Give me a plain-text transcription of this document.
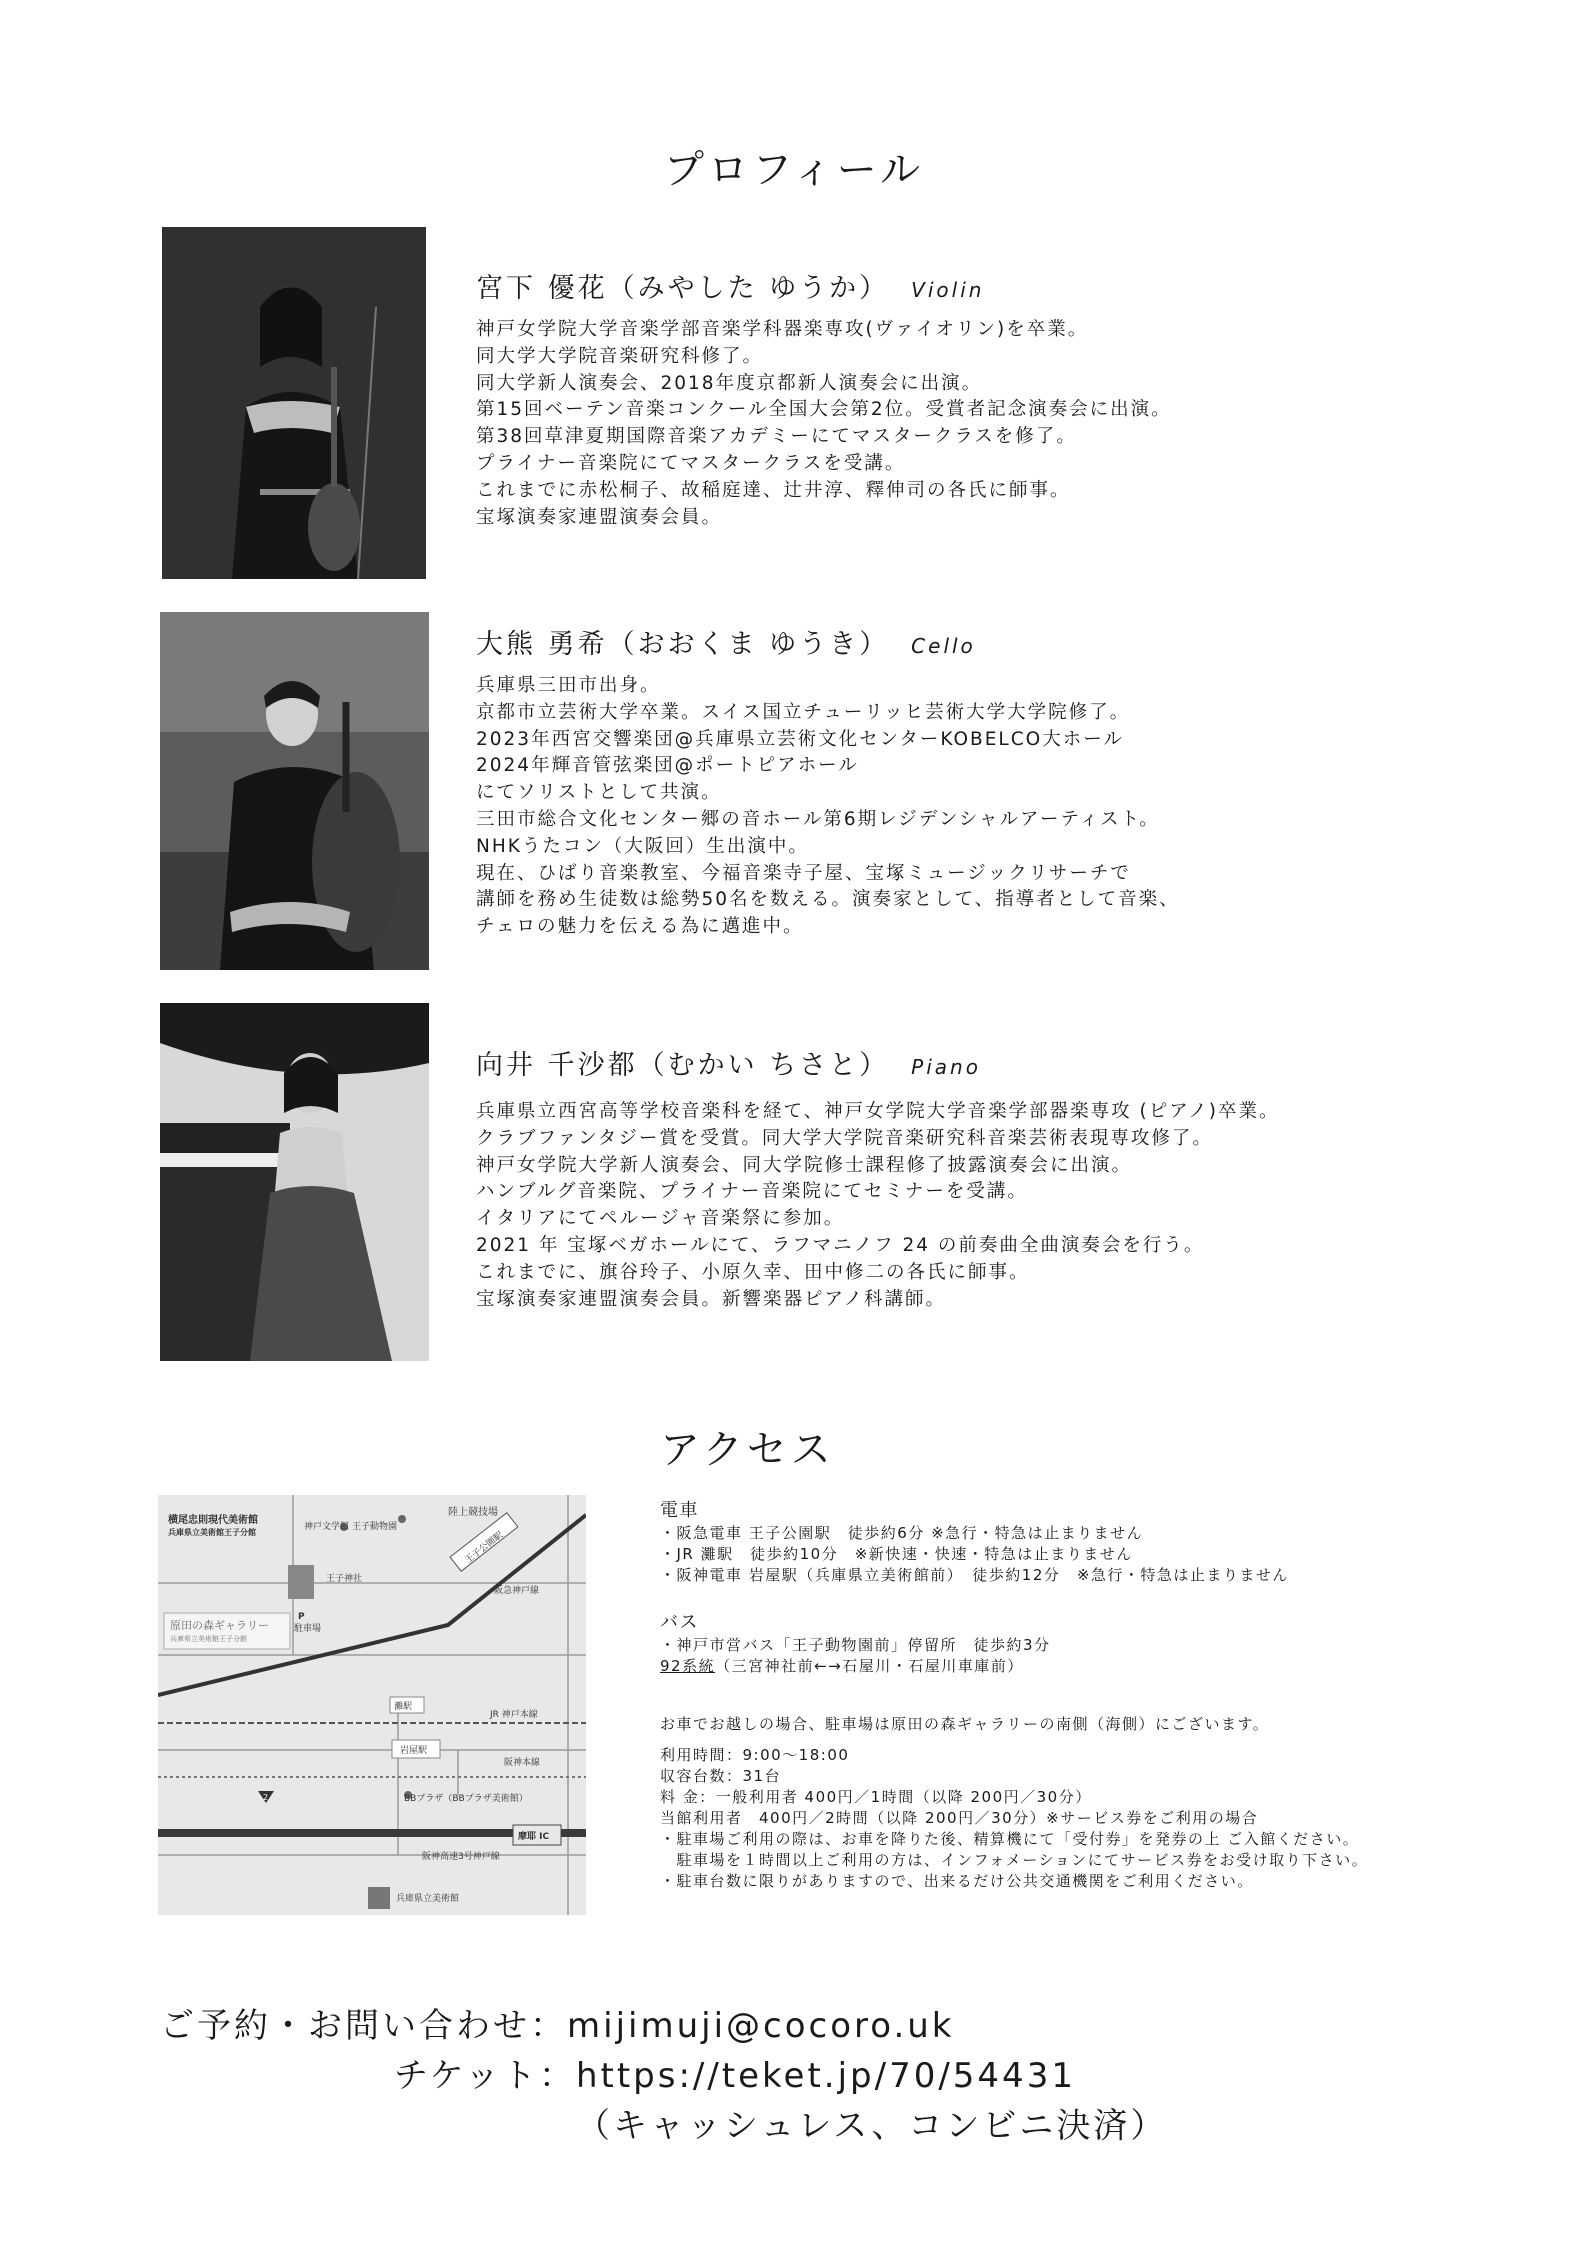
プロフィール
宮下 優花（みやした ゆうか） Violin
神戸女学院大学音楽学部音楽学科器楽専攻(ヴァイオリン)を卒業。
同大学大学院音楽研究科修了。
同大学新人演奏会、2018年度京都新人演奏会に出演。
第15回ベーテン音楽コンクール全国大会第2位。受賞者記念演奏会に出演。
第38回草津夏期国際音楽アカデミーにてマスタークラスを修了。
プライナー音楽院にてマスタークラスを受講。
これまでに赤松桐子、故稲庭達、辻井淳、釋伸司の各氏に師事。
宝塚演奏家連盟演奏会員。
大熊 勇希（おおくま ゆうき） Cello
兵庫県三田市出身。
京都市立芸術大学卒業。スイス国立チューリッヒ芸術大学大学院修了。
2023年西宮交響楽団@兵庫県立芸術文化センターKOBELCO大ホール
2024年輝音管弦楽団@ポートピアホール
にてソリストとして共演。
三田市総合文化センター郷の音ホール第6期レジデンシャルアーティスト。
NHKうたコン（大阪回）生出演中。
現在、ひばり音楽教室、今福音楽寺子屋、宝塚ミュージックリサーチで
講師を務め生徒数は総勢50名を数える。演奏家として、指導者として音楽、
チェロの魅力を伝える為に邁進中。
向井 千沙都（むかい ちさと） Piano
兵庫県立西宮高等学校音楽科を経て、神戸女学院大学音楽学部器楽専攻 (ピアノ)卒業。
クラブファンタジー賞を受賞。同大学大学院音楽研究科音楽芸術表現専攻修了。
神戸女学院大学新人演奏会、同大学院修士課程修了披露演奏会に出演。
ハンブルグ音楽院、プライナー音楽院にてセミナーを受講。
イタリアにてペルージャ音楽祭に参加。
2021 年 宝塚ベガホールにて、ラフマニノフ 24 の前奏曲全曲演奏会を行う。
これまでに、旗谷玲子、小原久幸、田中修二の各氏に師事。
宝塚演奏家連盟演奏会員。新響楽器ピアノ科講師。
アクセス
横尾忠則現代美術館
兵庫県立美術館王子分館
陸上競技場
神戸文学館 王子動物園
王子公園駅
王子神社
阪急神戸線
原田の森ギャラリー
兵庫県立美術館王子分館
P
駐車場
灘駅
JR 神戸本線
岩屋駅
阪神本線
BBプラザ（BBプラザ美術館）
2
摩耶 IC
阪神高速3号神戸線
兵庫県立美術館
電車
・阪急電車 王子公園駅　徒歩約6分 ※急行・特急は止まりません
・JR 灘駅　徒歩約10分　※新快速・快速・特急は止まりません
・阪神電車 岩屋駅（兵庫県立美術館前）　徒歩約12分　※急行・特急は止まりません
バス
・神戸市営バス「王子動物園前」停留所　徒歩約3分
92系統（三宮神社前←→石屋川・石屋川車庫前）
お車でお越しの場合、駐車場は原田の森ギャラリーの南側（海側）にございます。
利用時間：9:00〜18:00
収容台数：31台
料 金：一般利用者 400円／1時間（以降 200円／30分）
当館利用者　400円／2時間（以降 200円／30分）※サービス券をご利用の場合
・駐車場ご利用の際は、お車を降りた後、精算機にて「受付券」を発券の上 ご入館ください。
　駐車場を１時間以上ご利用の方は、インフォメーションにてサービス券をお受け取り下さい。
・駐車台数に限りがありますので、出来るだけ公共交通機関をご利用ください。
ご予約・お問い合わせ：mijimuji@cocoro.uk
チケット：https://teket.jp/70/54431
（キャッシュレス、コンビニ決済）
